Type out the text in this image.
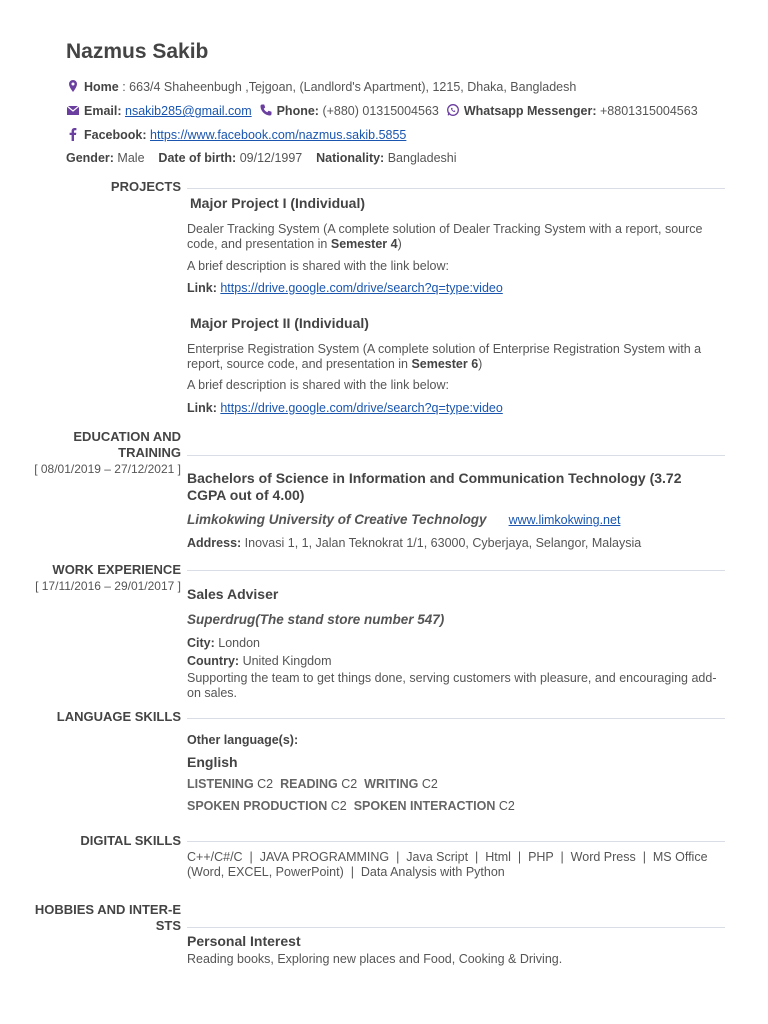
Nazmus Sakib
Home : 663/4 Shaheenbugh ,Tejgoan, (Landlord's Apartment), 1215, Dhaka, Bangladesh
Email: nsakib285@gmail.com Phone: (+880) 01315004563 Whatsapp Messenger: +8801315004563
Facebook: https://www.facebook.com/nazmus.sakib.5855
Gender: Male Date of birth: 09/12/1997 Nationality: Bangladeshi
PROJECTS
Major Project I (Individual)
Dealer Tracking System (A complete solution of Dealer Tracking System with a report, source code, and presentation in Semester 4)
A brief description is shared with the link below:
Link: https://drive.google.com/drive/search?q=type:video
Major Project II (Individual)
Enterprise Registration System (A complete solution of Enterprise Registration System with a report, source code, and presentation in Semester 6)
A brief description is shared with the link below:
Link: https://drive.google.com/drive/search?q=type:video
EDUCATION AND TRAINING
[ 08/01/2019 – 27/12/2021 ]
Bachelors of Science in Information and Communication Technology (3.72 CGPA out of 4.00)
Limkokwing University of Creative Technology www.limkokwing.net
Address: Inovasi 1, 1, Jalan Teknokrat 1/1, 63000, Cyberjaya, Selangor, Malaysia
WORK EXPERIENCE
[ 17/11/2016 – 29/01/2017 ] Sales Adviser
Superdrug(The stand store number 547)
City: London
Country: United Kingdom
Supporting the team to get things done, serving customers with pleasure, and encouraging add-on sales.
LANGUAGE SKILLS
Other language(s):
English
LISTENING C2 READING C2 WRITING C2
SPOKEN PRODUCTION C2 SPOKEN INTERACTION C2
DIGITAL SKILLS
C++/C#/C  |  JAVA PROGRAMMING  |  Java Script  |  Html  |  PHP  |  Word Press  |  MS Office (Word, EXCEL, PowerPoint)  |  Data Analysis with Python
HOBBIES AND INTER-ESTS
Personal Interest
Reading books, Exploring new places and Food, Cooking & Driving.
